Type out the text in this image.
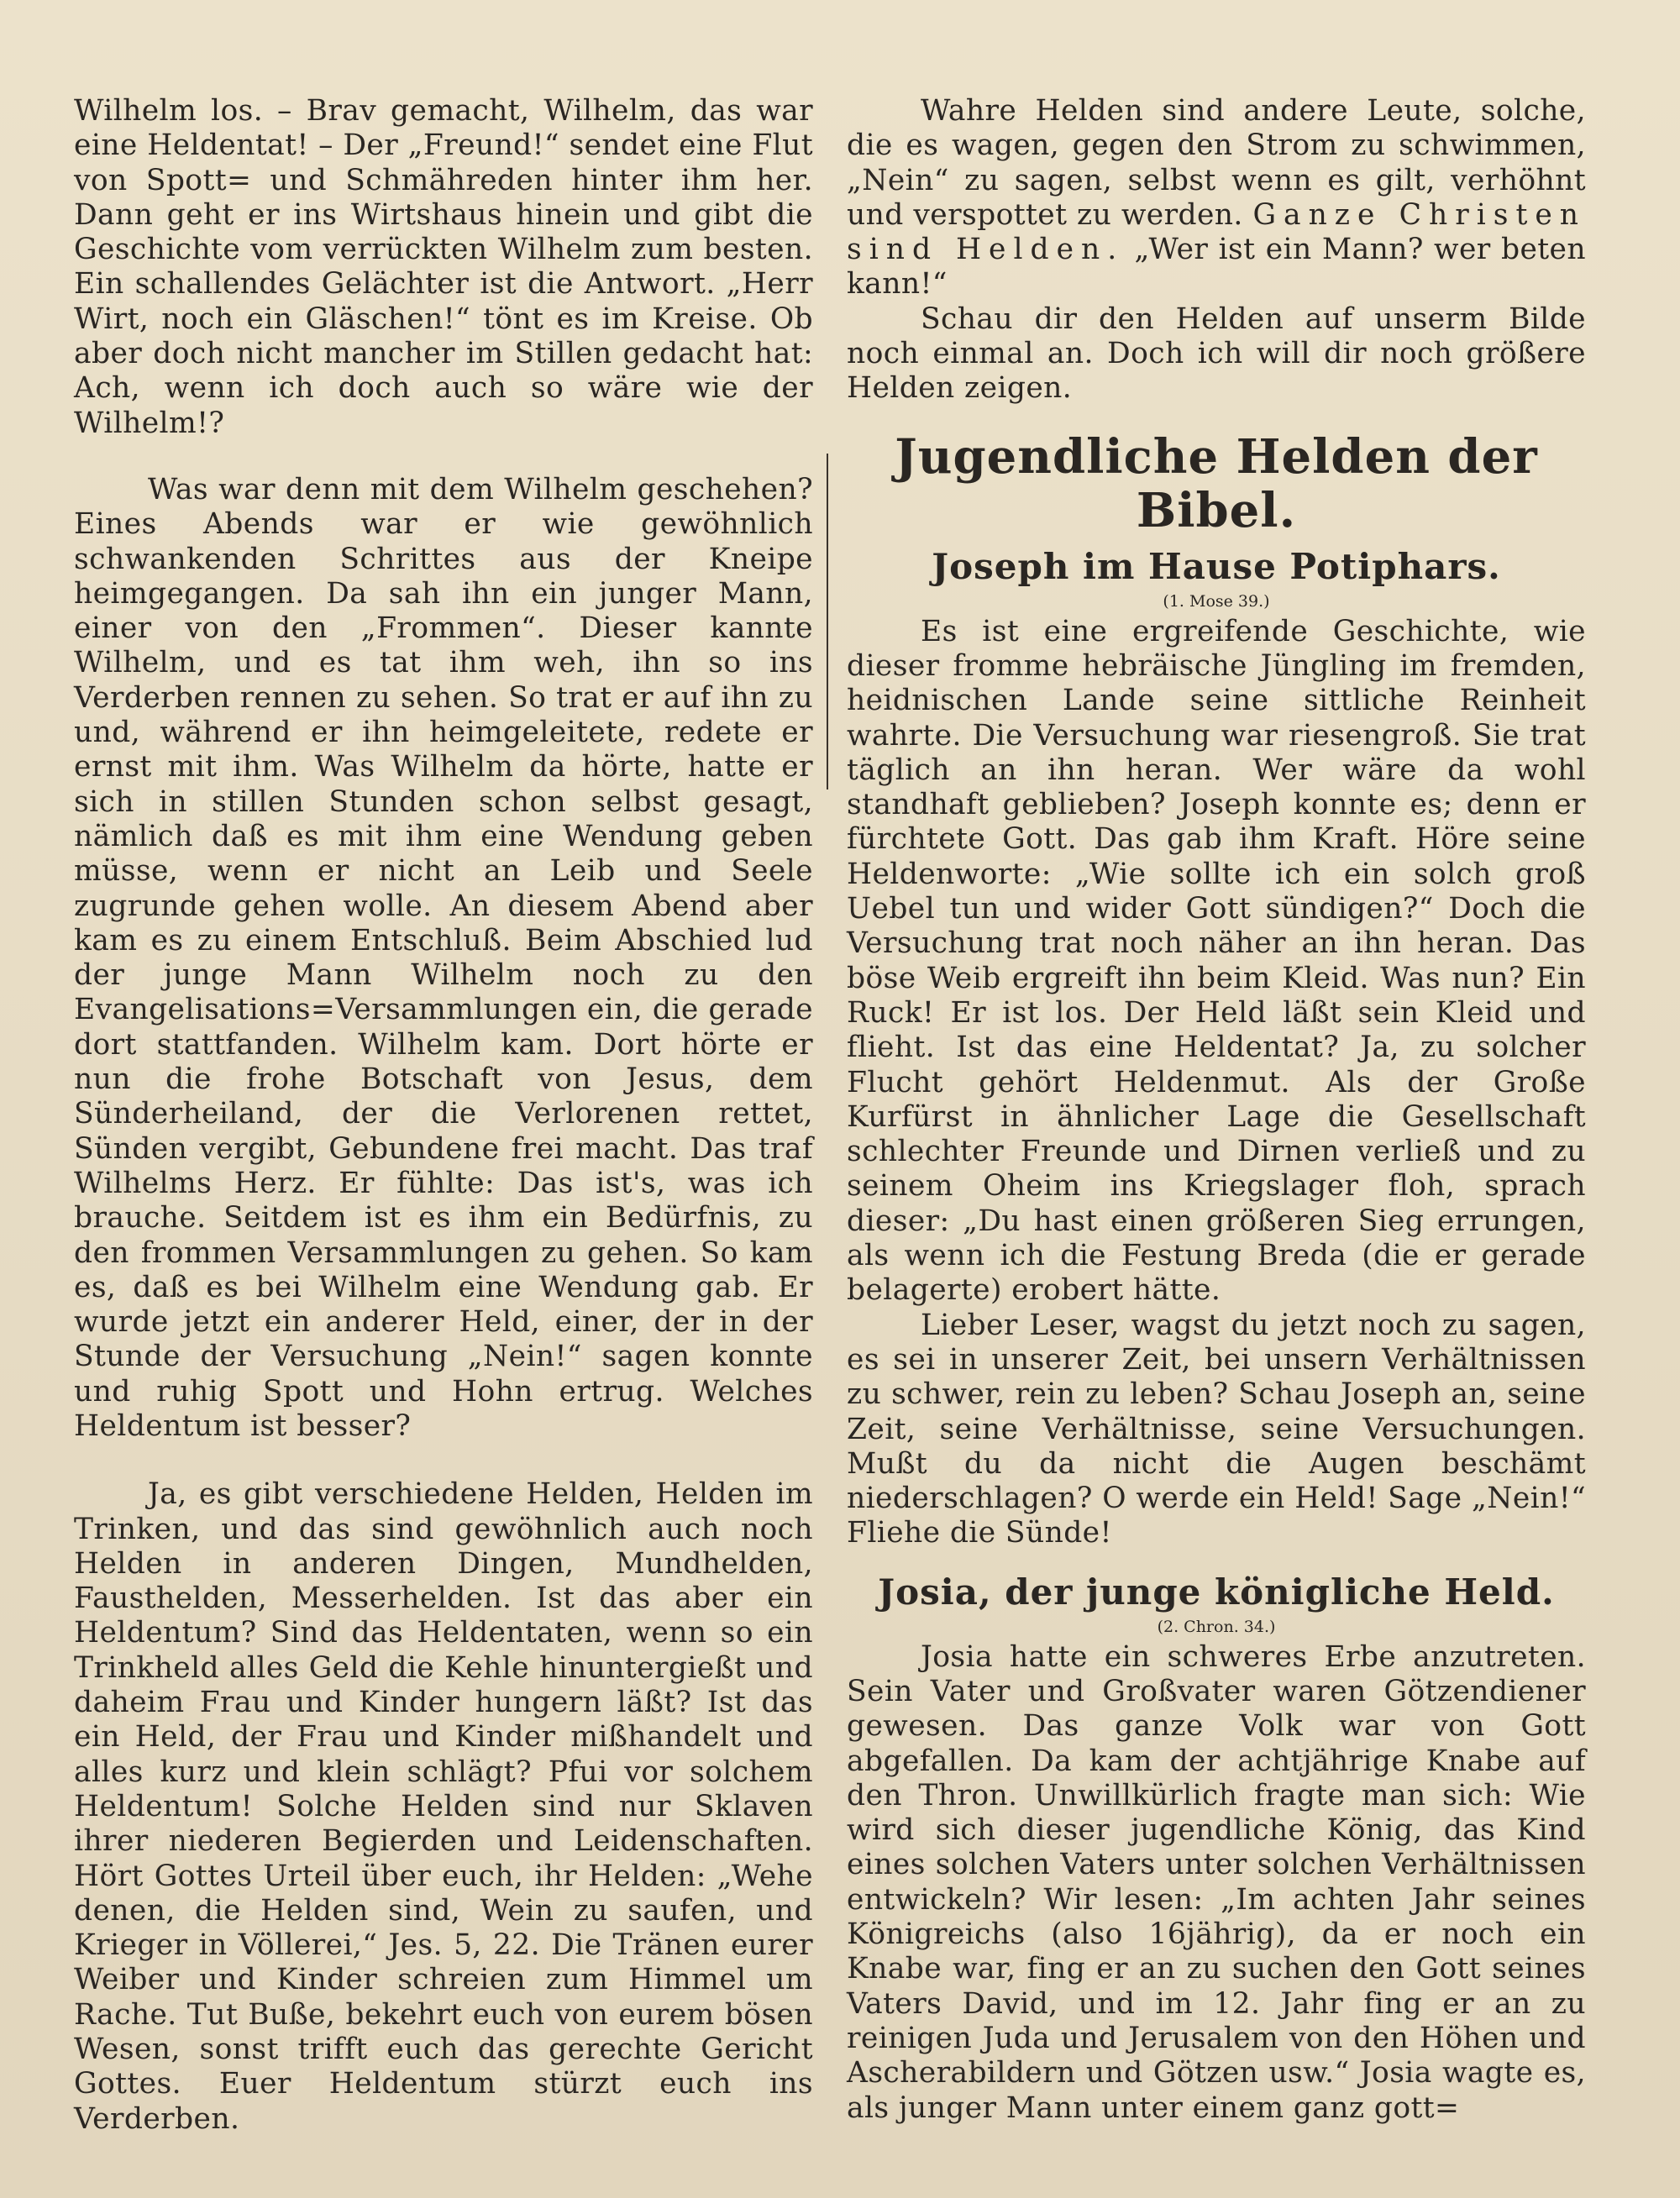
Wilhelm los. – Brav gemacht, Wilhelm, das war eine Heldentat! – Der „Freund!“ sendet eine Flut von Spott= und Schmähreden hinter ihm her. Dann geht er ins Wirtshaus hinein und gibt die Geschichte vom verrückten Wilhelm zum besten. Ein schallendes Gelächter ist die Antwort. „Herr Wirt, noch ein Gläschen!“ tönt es im Kreise. Ob aber doch nicht mancher im Stillen gedacht hat: Ach, wenn ich doch auch so wäre wie der Wilhelm!?

Was war denn mit dem Wilhelm geschehen? Eines Abends war er wie gewöhnlich schwankenden Schrittes aus der Kneipe heimgegangen. Da sah ihn ein junger Mann, einer von den „Frommen“. Dieser kannte Wilhelm, und es tat ihm weh, ihn so ins Verderben rennen zu sehen. So trat er auf ihn zu und, während er ihn heimgeleitete, redete er ernst mit ihm. Was Wilhelm da hörte, hatte er sich in stillen Stunden schon selbst gesagt, nämlich daß es mit ihm eine Wendung geben müsse, wenn er nicht an Leib und Seele zugrunde gehen wolle. An diesem Abend aber kam es zu einem Entschluß. Beim Abschied lud der junge Mann Wilhelm noch zu den Evangelisations=Versammlungen ein, die gerade dort stattfanden. Wilhelm kam. Dort hörte er nun die frohe Botschaft von Jesus, dem Sünderheiland, der die Verlorenen rettet, Sünden vergibt, Gebundene frei macht. Das traf Wilhelms Herz. Er fühlte: Das ist's, was ich brauche. Seitdem ist es ihm ein Bedürfnis, zu den frommen Versammlungen zu gehen. So kam es, daß es bei Wilhelm eine Wendung gab. Er wurde jetzt ein anderer Held, einer, der in der Stunde der Versuchung „Nein!“ sagen konnte und ruhig Spott und Hohn ertrug. Welches Heldentum ist besser?

Ja, es gibt verschiedene Helden, Helden im Trinken, und das sind gewöhnlich auch noch Helden in anderen Dingen, Mundhelden, Fausthelden, Messerhelden. Ist das aber ein Heldentum? Sind das Heldentaten, wenn so ein Trinkheld alles Geld die Kehle hinuntergießt und daheim Frau und Kinder hungern läßt? Ist das ein Held, der Frau und Kinder mißhandelt und alles kurz und klein schlägt? Pfui vor solchem Heldentum! Solche Helden sind nur Sklaven ihrer niederen Begierden und Leidenschaften. Hört Gottes Urteil über euch, ihr Helden: „Wehe denen, die Helden sind, Wein zu saufen, und Krieger in Völlerei,“ Jes. 5, 22. Die Tränen eurer Weiber und Kinder schreien zum Himmel um Rache. Tut Buße, bekehrt euch von eurem bösen Wesen, sonst trifft euch das gerechte Gericht Gottes. Euer Heldentum stürzt euch ins Verderben.

Wahre Helden sind andere Leute, solche, die es wagen, gegen den Strom zu schwimmen, „Nein“ zu sagen, selbst wenn es gilt, verhöhnt und verspottet zu werden. Ganze Christen sind Helden. „Wer ist ein Mann? wer beten kann!“

Schau dir den Helden auf unserm Bilde noch einmal an. Doch ich will dir noch größere Helden zeigen.

Jugendliche Helden der Bibel.
Joseph im Hause Potiphars.
(1. Mose 39.)

Es ist eine ergreifende Geschichte, wie dieser fromme hebräische Jüngling im fremden, heidnischen Lande seine sittliche Reinheit wahrte. Die Versuchung war riesengroß. Sie trat täglich an ihn heran. Wer wäre da wohl standhaft geblieben? Joseph konnte es; denn er fürchtete Gott. Das gab ihm Kraft. Höre seine Heldenworte: „Wie sollte ich ein solch groß Uebel tun und wider Gott sündigen?“ Doch die Versuchung trat noch näher an ihn heran. Das böse Weib ergreift ihn beim Kleid. Was nun? Ein Ruck! Er ist los. Der Held läßt sein Kleid und flieht. Ist das eine Heldentat? Ja, zu solcher Flucht gehört Heldenmut. Als der Große Kurfürst in ähnlicher Lage die Gesellschaft schlechter Freunde und Dirnen verließ und zu seinem Oheim ins Kriegslager floh, sprach dieser: „Du hast einen größeren Sieg errungen, als wenn ich die Festung Breda (die er gerade belagerte) erobert hätte.

Lieber Leser, wagst du jetzt noch zu sagen, es sei in unserer Zeit, bei unsern Verhältnissen zu schwer, rein zu leben? Schau Joseph an, seine Zeit, seine Verhältnisse, seine Versuchungen. Mußt du da nicht die Augen beschämt niederschlagen? O werde ein Held! Sage „Nein!“ Fliehe die Sünde!

Josia, der junge königliche Held.
(2. Chron. 34.)

Josia hatte ein schweres Erbe anzutreten. Sein Vater und Großvater waren Götzendiener gewesen. Das ganze Volk war von Gott abgefallen. Da kam der achtjährige Knabe auf den Thron. Unwillkürlich fragte man sich: Wie wird sich dieser jugendliche König, das Kind eines solchen Vaters unter solchen Verhältnissen entwickeln? Wir lesen: „Im achten Jahr seines Königreichs (also 16jährig), da er noch ein Knabe war, fing er an zu suchen den Gott seines Vaters David, und im 12. Jahr fing er an zu reinigen Juda und Jerusalem von den Höhen und Ascherabildern und Götzen usw.“ Josia wagte es, als junger Mann unter einem ganz gott=
